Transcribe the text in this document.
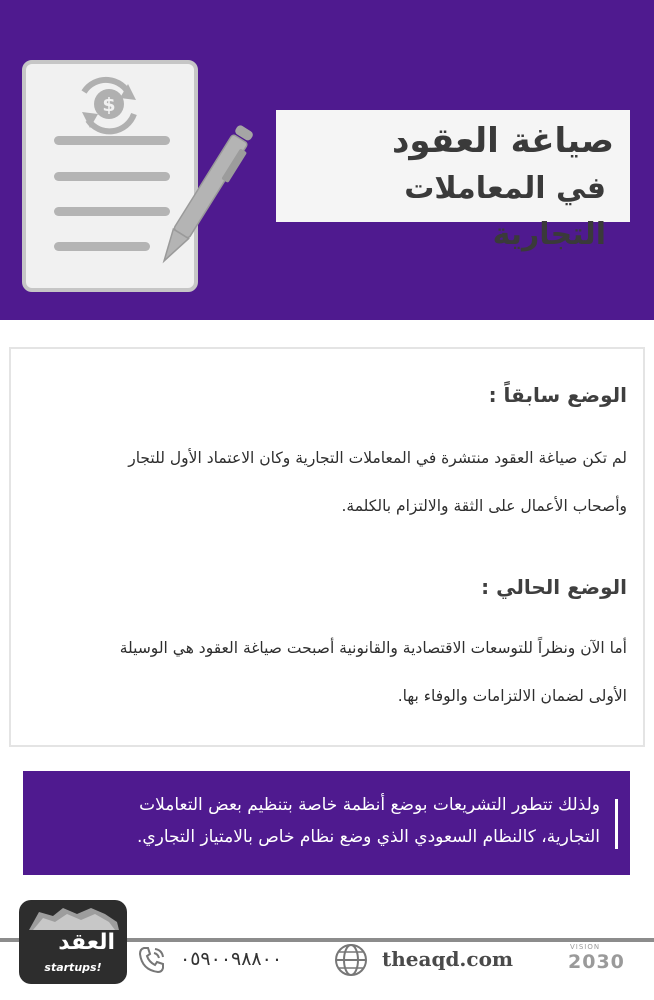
$
صياغة العقود
في المعاملات التجارية
الوضع سابقاً :
لم تكن صياغة العقود منتشرة في المعاملات التجارية وكان الاعتماد الأول للتجار
وأصحاب الأعمال على الثقة والالتزام بالكلمة.
الوضع الحالي :
أما الآن ونظراً للتوسعات الاقتصادية والقانونية أصبحت صياغة العقود هي الوسيلة
الأولى لضمان الالتزامات والوفاء بها.
ولذلك تتطور التشريعات بوضع أنظمة خاصة بتنظيم بعض التعاملات
التجارية، كالنظام السعودي الذي وضع نظام خاص بالامتياز التجاري.
العقد
startups!	٠٥٩٠٠٩٨٨٠٠	theaqd.com	VISION
2030
